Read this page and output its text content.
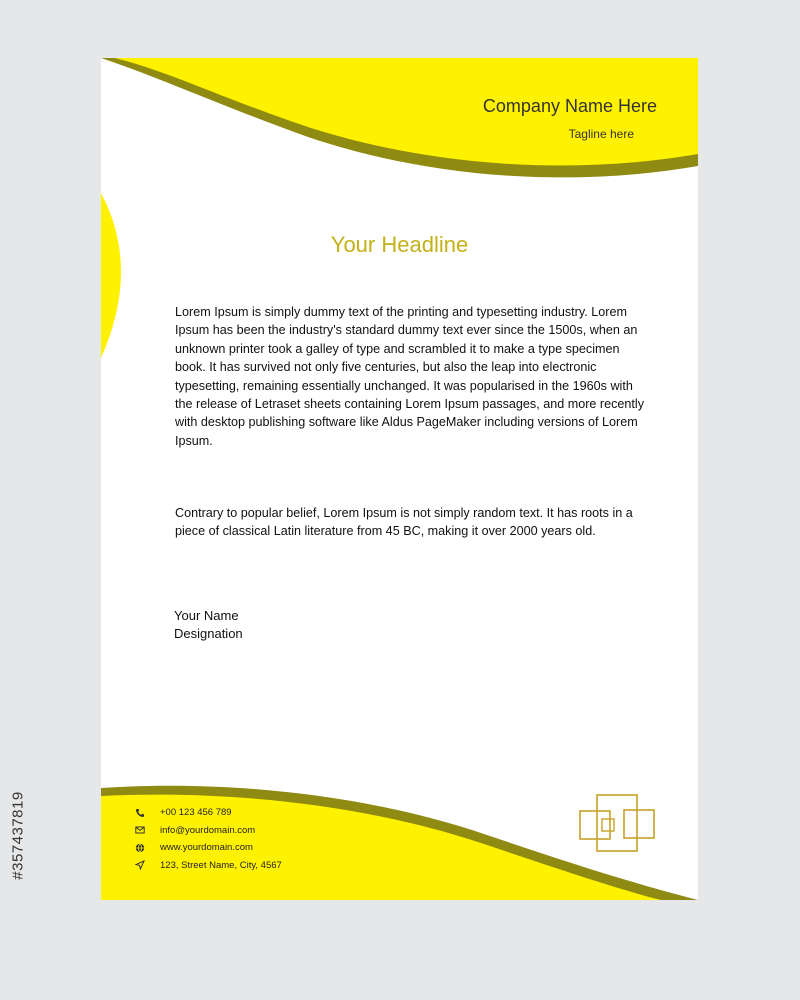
#357437819
Company Name Here
Tagline here
Your Headline

Lorem Ipsum is simply dummy text of the printing and typesetting industry. Lorem Ipsum has been the industry's standard dummy text ever since the 1500s, when an unknown printer took a galley of type and scrambled it to make a type specimen book. It has survived not only five centuries, but also the leap into electronic typesetting, remaining essentially unchanged. It was popularised in the 1960s with the release of Letraset sheets containing Lorem Ipsum passages, and more recently with desktop publishing software like Aldus PageMaker including versions of Lorem Ipsum.

Contrary to popular belief, Lorem Ipsum is not simply random text. It has roots in a piece of classical Latin literature from 45 BC, making it over 2000 years old.

Your Name
Designation
+00 123 456 789
info@yourdomain.com
www.yourdomain.com
123, Street Name, City, 4567
